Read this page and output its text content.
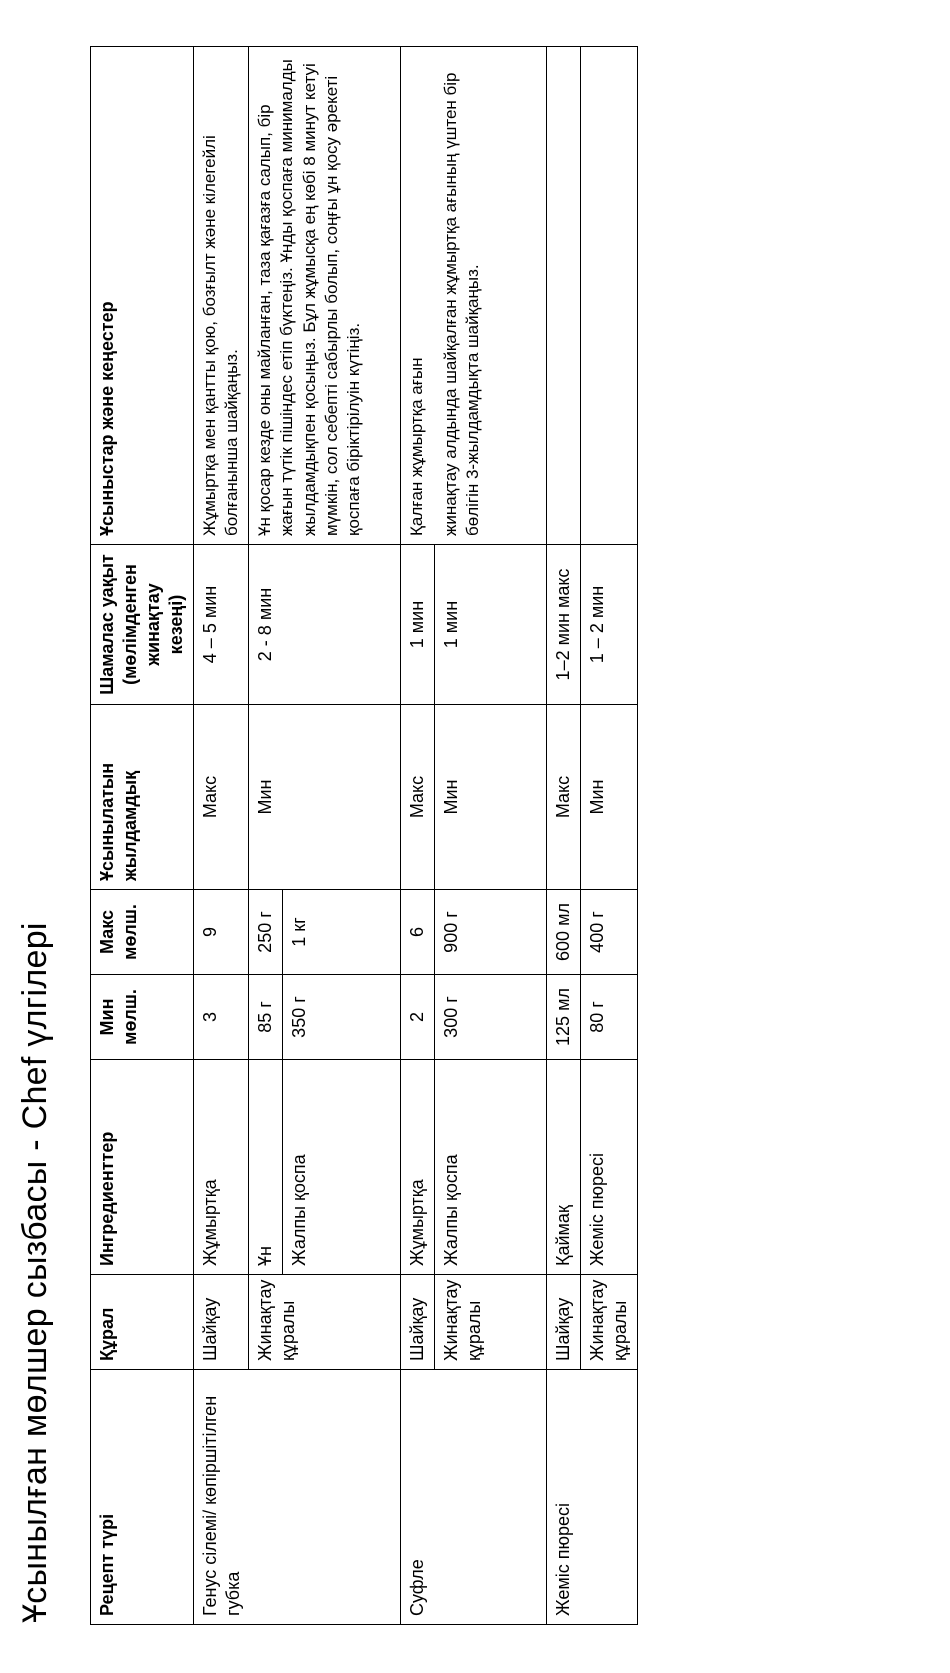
Ұсынылған мөлшер сызбасы - Chef үлгілері Рецепт түрі	Құрал	Ингредиенттер	Мин мөлш.	Макс мөлш.	Ұсынылатын жылдамдық	Шамалас уақыт (мөлімденген жинақтау кезеңі)	Ұсыныстар және кеңестер
Генус сілемі/ көпіршітілген губка	Шайқау	Жұмыртқа	3	9	Макс	4 – 5 мин	Жұмыртқа мен қантты қою, бозғылт және кілегейлі болғанынша шайқаңыз.
	Жинақтау құралы	Ұн	85 г	250 г	Мин	2 - 8 мин	Ұн қосар кезде оны майланған, таза қағазға салып, бір жағын түтік пішіндес етіп бүктеңіз. Ұнды қоспаға минималды жылдамдықпен қосыңыз. Бұл жұмысқа ең көбі 8 минут кетуі мүмкін, сол себепті сабырлы болып, соңғы ұн қосу әрекеті қоспаға біріктірілуін күтіңіз.
		Жалпы қоспа	350 г	1 кг			
Суфле	Шайқау	Жұмыртқа	2	6	Макс	1 мин	Қалған жұмыртқа ағын
	Жинақтау құралы	Жалпы қоспа	300 г	900 г	Мин	1 мин	жинақтау алдында шайқалған жұмыртқа ағының үштен бір бөлігін 3-жылдамдықта шайқаңыз.
Жеміс пюресі	Шайқау	Қаймақ	125 мл	600 мл	Макс	1–2 мин макс	
	Жинақтау құралы	Жеміс пюресі	80 г	400 г	Мин	1 – 2 мин	
